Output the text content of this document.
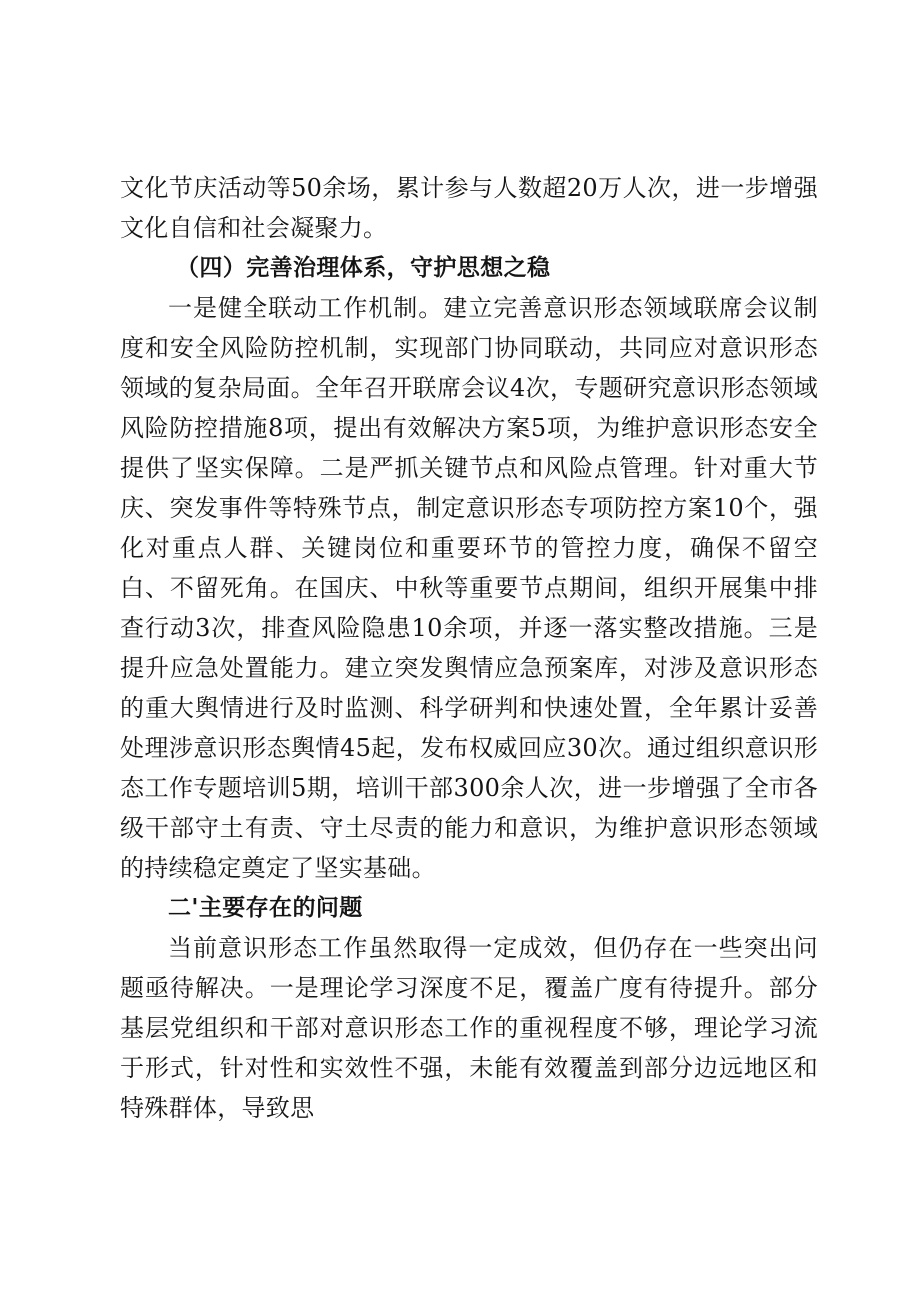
文化节庆活动等50余场，累计参与人数超20万人次，进一步增强文化自信和社会凝聚力。

（四）完善治理体系，守护思想之稳

一是健全联动工作机制。建立完善意识形态领域联席会议制度和安全风险防控机制，实现部门协同联动，共同应对意识形态领域的复杂局面。全年召开联席会议4次，专题研究意识形态领域风险防控措施8项，提出有效解决方案5项，为维护意识形态安全提供了坚实保障。二是严抓关键节点和风险点管理。针对重大节庆、突发事件等特殊节点，制定意识形态专项防控方案10个，强化对重点人群、关键岗位和重要环节的管控力度，确保不留空白、不留死角。在国庆、中秋等重要节点期间，组织开展集中排查行动3次，排查风险隐患10余项，并逐一落实整改措施。三是提升应急处置能力。建立突发舆情应急预案库，对涉及意识形态的重大舆情进行及时监测、科学研判和快速处置，全年累计妥善处理涉意识形态舆情45起，发布权威回应30次。通过组织意识形态工作专题培训5期，培训干部300余人次，进一步增强了全市各级干部守土有责、守土尽责的能力和意识，为维护意识形态领域的持续稳定奠定了坚实基础。

二'主要存在的问题

当前意识形态工作虽然取得一定成效，但仍存在一些突出问题亟待解决。一是理论学习深度不足，覆盖广度有待提升。部分基层党组织和干部对意识形态工作的重视程度不够，理论学习流于形式，针对性和实效性不强，未能有效覆盖到部分边远地区和特殊群体，导致思
